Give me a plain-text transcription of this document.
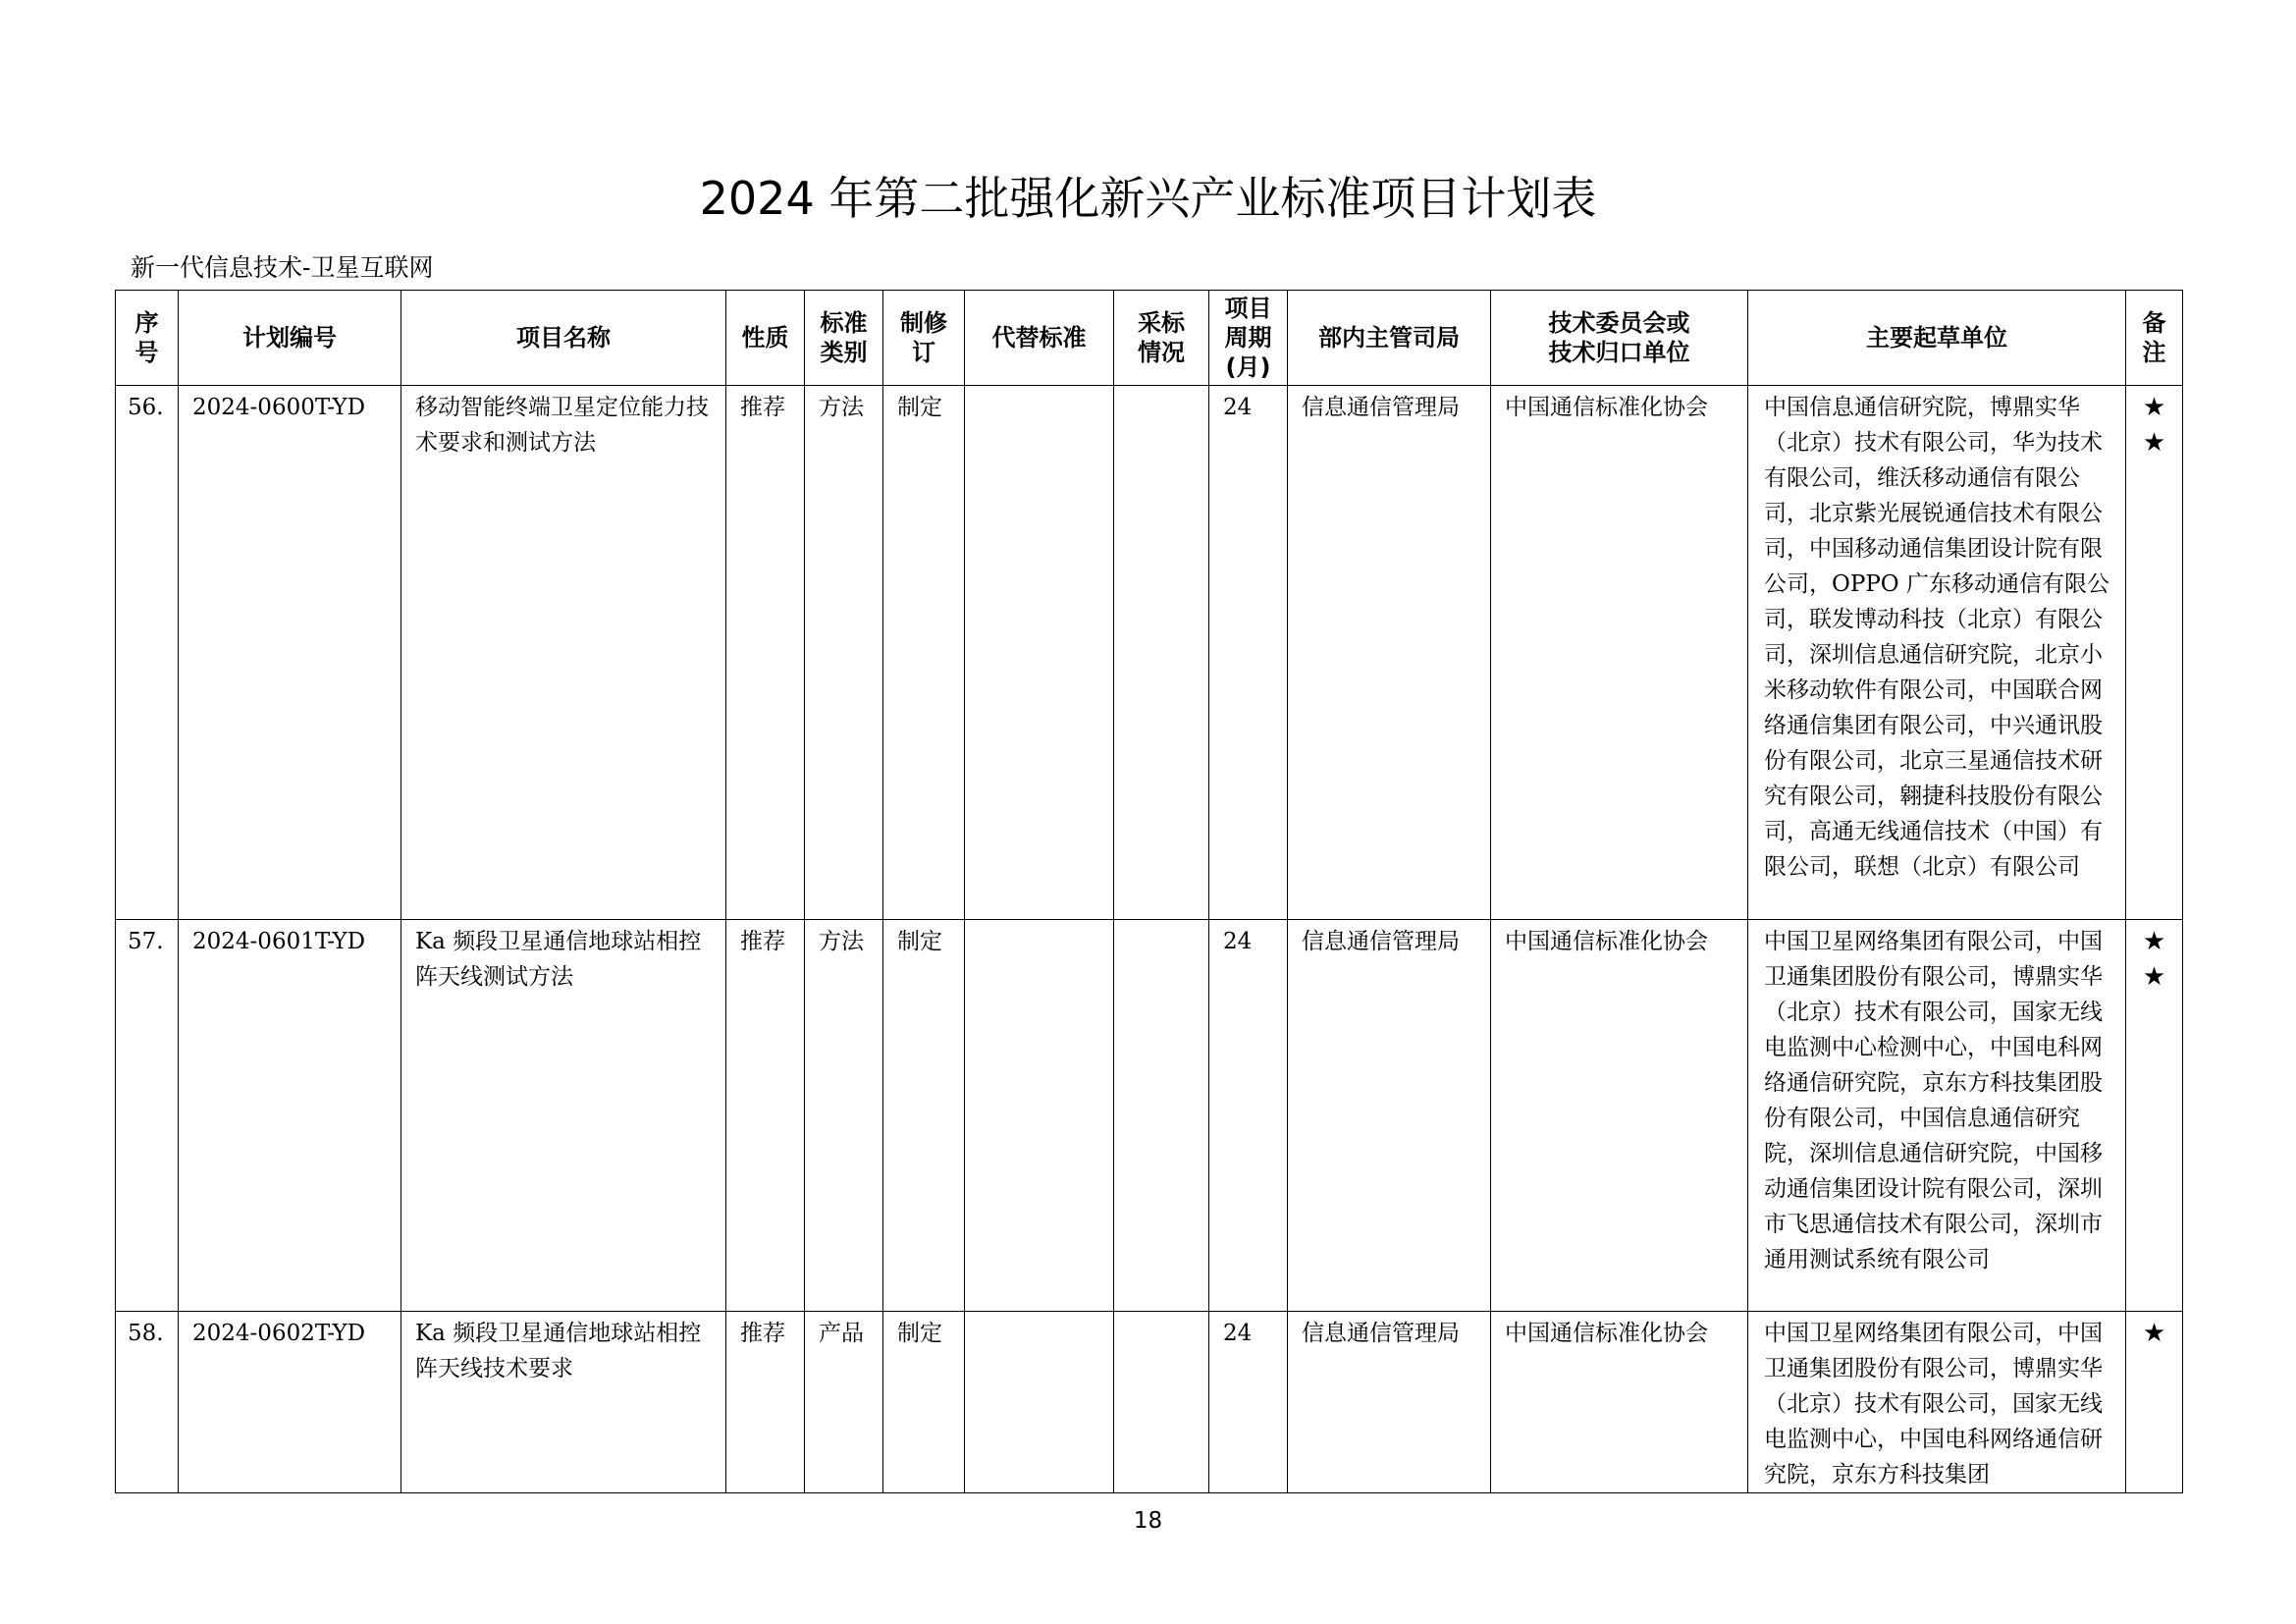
2024 年第二批强化新兴产业标准项目计划表
新一代信息技术-卫星互联网
序号	计划编号	项目名称	性质	标准类别	制修订	代替标准	采标情况	项目周期(月)	部内主管司局	技术委员会或技术归口单位	主要起草单位	备注
56.	2024-0600T-YD	移动智能终端卫星定位能力技术要求和测试方法	推荐	方法	制定			24	信息通信管理局	中国通信标准化协会	中国信息通信研究院，博鼎实华（北京）技术有限公司，华为技术有限公司，维沃移动通信有限公司，北京紫光展锐通信技术有限公司，中国移动通信集团设计院有限公司，OPPO 广东移动通信有限公司，联发博动科技（北京）有限公司，深圳信息通信研究院，北京小米移动软件有限公司，中国联合网络通信集团有限公司，中兴通讯股份有限公司，北京三星通信技术研究有限公司，翱捷科技股份有限公司，高通无线通信技术（中国）有限公司，联想（北京）有限公司	★★
57.	2024-0601T-YD	Ka 频段卫星通信地球站相控阵天线测试方法	推荐	方法	制定			24	信息通信管理局	中国通信标准化协会	中国卫星网络集团有限公司，中国卫通集团股份有限公司，博鼎实华（北京）技术有限公司，国家无线电监测中心检测中心，中国电科网络通信研究院，京东方科技集团股份有限公司，中国信息通信研究院，深圳信息通信研究院，中国移动通信集团设计院有限公司，深圳市飞思通信技术有限公司，深圳市通用测试系统有限公司	★★
58.	2024-0602T-YD	Ka 频段卫星通信地球站相控阵天线技术要求	推荐	产品	制定			24	信息通信管理局	中国通信标准化协会	中国卫星网络集团有限公司，中国卫通集团股份有限公司，博鼎实华（北京）技术有限公司，国家无线电监测中心，中国电科网络通信研究院，京东方科技集团	★
18
